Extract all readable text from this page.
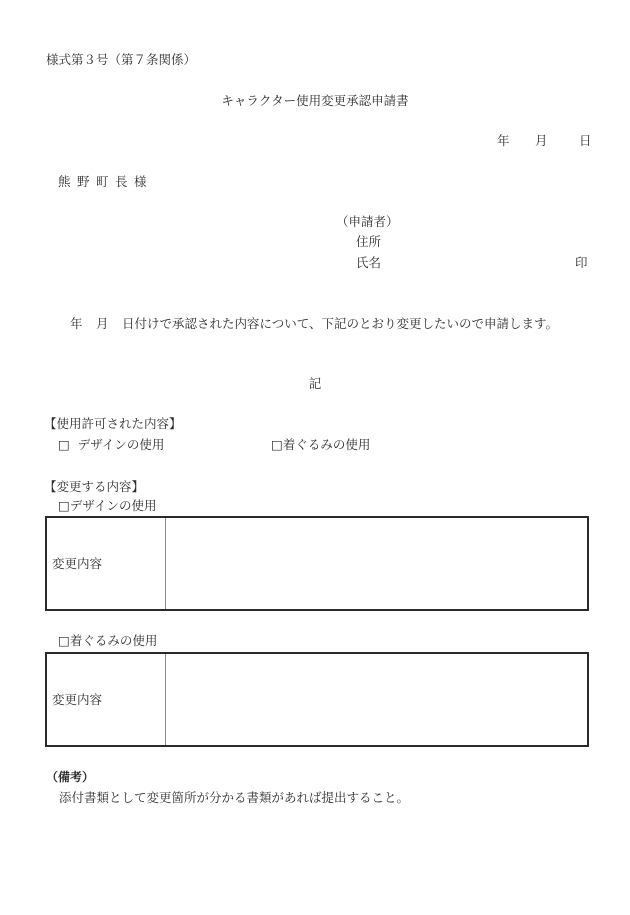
様式第３号（第７条関係）
キャラクター使用変更承認申請書
年 月	日
熊野町長様
（申請者）
住所
氏名	印
年 月 日付けで承認された内容について、下記のとおり変更したいので申請します。
記
【使用許可された内容】
□ デザインの使用	□着ぐるみの使用
【変更する内容】
□デザインの使用
変更内容
□着ぐるみの使用
変更内容
（備考）
添付書類として変更箇所が分かる書類があれば提出すること。
